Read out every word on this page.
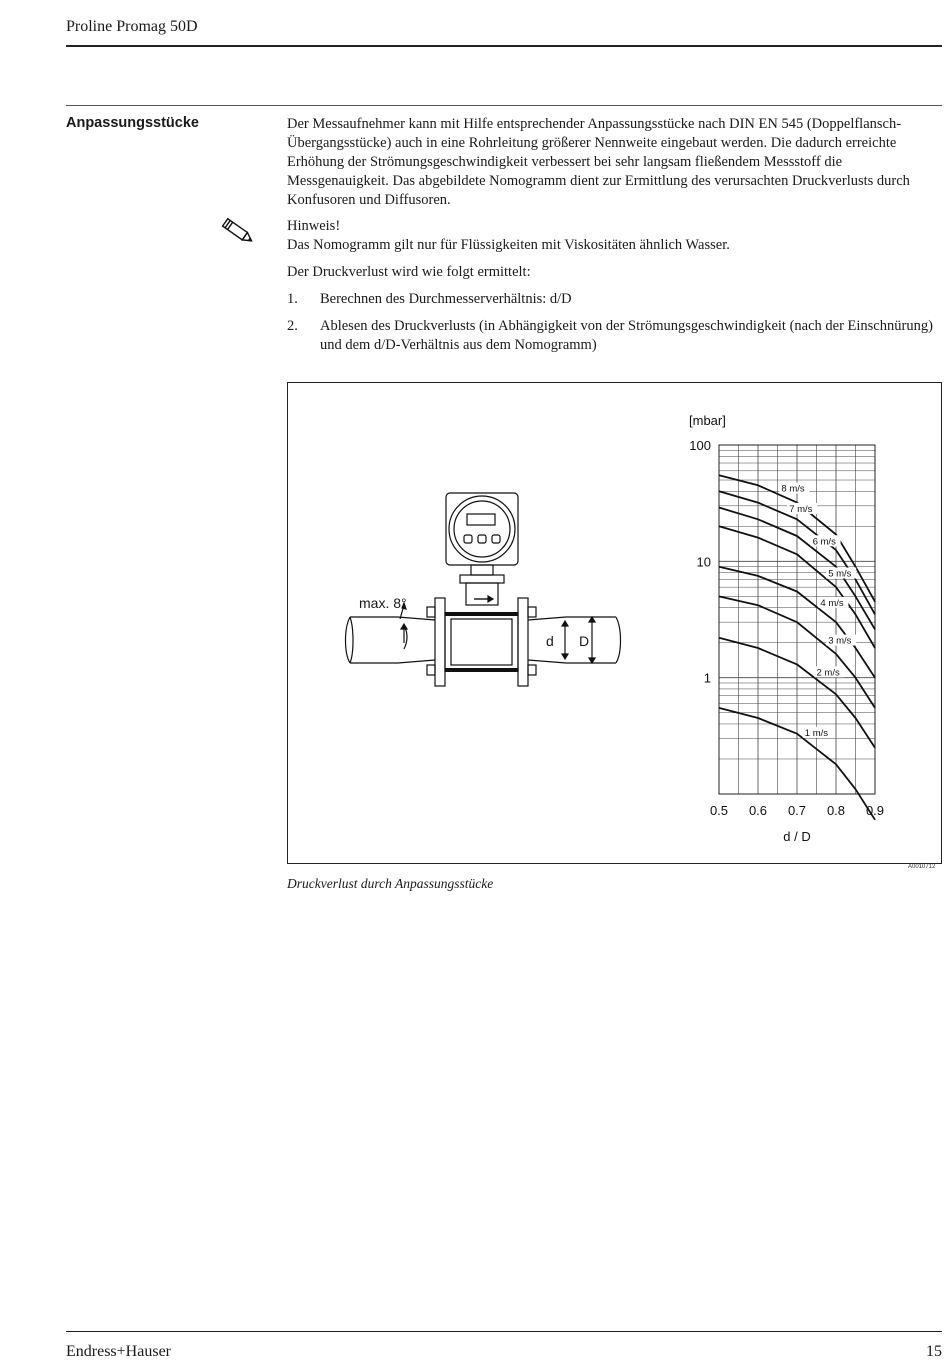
Proline Promag 50D
Anpassungsstücke	Der Messaufnehmer kann mit Hilfe entsprechender Anpassungsstücke nach DIN EN 545 (Doppelflansch-Übergangsstücke) auch in eine Rohrleitung größerer Nennweite eingebaut werden. Die dadurch erreichte Erhöhung der Strömungsgeschwindigkeit verbessert bei sehr langsam fließendem Messstoff die Messgenauigkeit. Das abgebildete Nomogramm dient zur Ermittlung des verursachten Druckverlusts durch Konfusoren und Diffusoren.
Hinweis!
Das Nomogramm gilt nur für Flüssigkeiten mit Viskositäten ähnlich Wasser.
Der Druckverlust wird wie folgt ermittelt:
1. Berechnen des Durchmesserverhältnis: d/D
2. Ablesen des Druckverlusts (in Abhängigkeit von der Strömungsgeschwindigkeit (nach der Einschnürung) und dem d/D-Verhältnis aus dem Nomogramm)
max. 8°
d D
[mbar]
100
10
1
0.5 0.6 0.7 0.8 0.9
d / D
8 m/s
7 m/s
6 m/s
5 m/s
4 m/s
3 m/s
2 m/s
1 m/s
A0010712
Druckverlust durch Anpassungsstücke
Endress+Hauser	15
